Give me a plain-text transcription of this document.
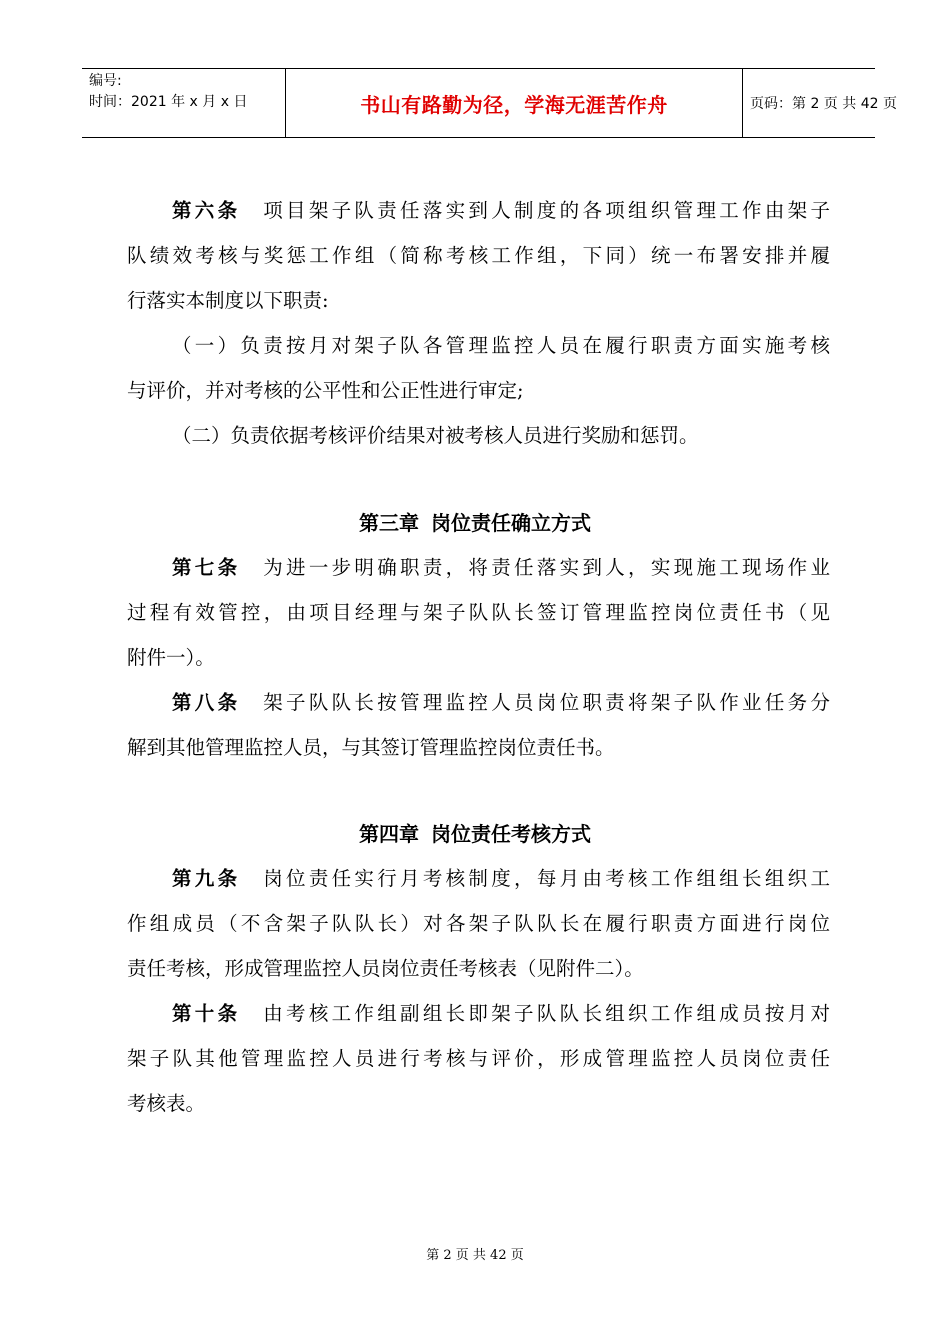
编号:
时间：2021 年 x 月 x 日	书山有路勤为径，学海无涯苦作舟	页码：第 2 页 共 42 页
第六条　 项目架子队责任落实到人制度的各项组织管理工作由架子
队绩效考核与奖惩工作组（简称考核工作组，下同）统一布署安排并履
行落实本制度以下职责:
（一）负责按月对架子队各管理监控人员在履行职责方面实施考核
与评价，并对考核的公平性和公正性进行审定;
（二）负责依据考核评价结果对被考核人员进行奖励和惩罚。
第三章 岗位责任确立方式
第七条　 为进一步明确职责，将责任落实到人，实现施工现场作业
过程有效管控，由项目经理与架子队队长签订管理监控岗位责任书（见
附件一）。
第八条　 架子队队长按管理监控人员岗位职责将架子队作业任务分
解到其他管理监控人员，与其签订管理监控岗位责任书。
第四章 岗位责任考核方式
第九条　 岗位责任实行月考核制度，每月由考核工作组组长组织工
作组成员（不含架子队队长）对各架子队队长在履行职责方面进行岗位
责任考核，形成管理监控人员岗位责任考核表（见附件二）。
第十条　 由考核工作组副组长即架子队队长组织工作组成员按月对
架子队其他管理监控人员进行考核与评价，形成管理监控人员岗位责任
考核表。
第 2 页 共 42 页
